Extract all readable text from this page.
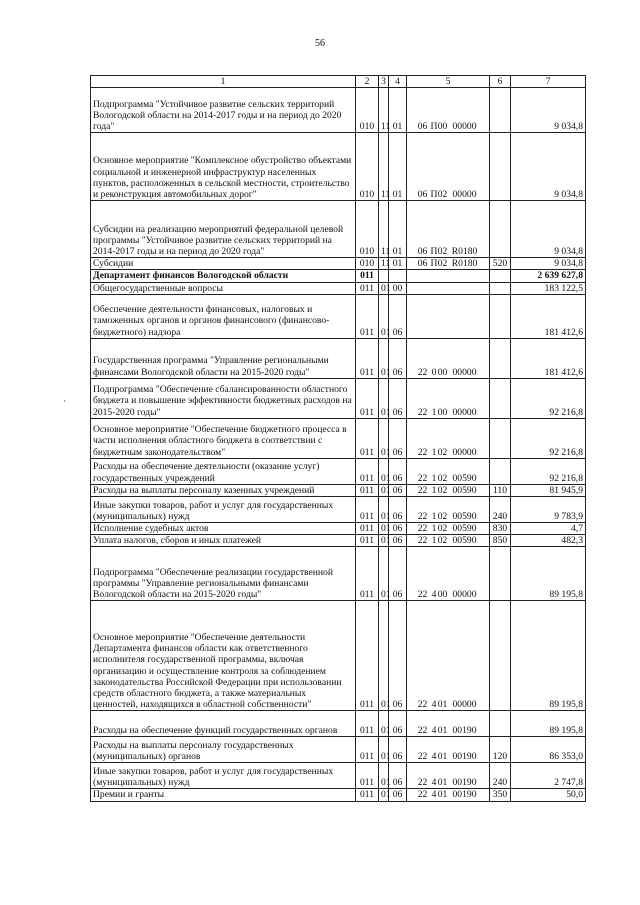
56
1	2	3	4	5	6	7
Подпрограмма "Устойчивое развитие сельских территорий Вологодской области на 2014-2017 годы и на период до 2020 года"	010	11	01	06 П00 00000		9 034,8
Основное мероприятие "Комплексное обустройство объектами социальной и инженерной инфраструктур населенных пунктов, расположенных в сельской местности, строительство и реконструкция автомобильных дорог"	010	11	01	06 П02 00000		9 034,8
Субсидии на реализацию мероприятий федеральной целевой программы "Устойчивое развитие сельских территорий на 2014-2017 годы и на период до 2020 года"	010	11	01	06 П02 R0180		9 034,8
Субсидии	010	11	01	06 П02 R0180	520	9 034,8
Департамент финансов Вологодской области	011					2 639 627,8
Общегосударственные вопросы	011	01	00			183 122,5
Обеспечение деятельности финансовых, налоговых и таможенных органов и органов финансового (финансово-бюджетного) надзора	011	01	06			181 412,6
Государственная программа "Управление региональными финансами Вологодской области на 2015-2020 годы"	011	01	06	22 000 00000		181 412,6
Подпрограмма "Обеспечение сбалансированности областного бюджета и повышение эффективности бюджетных расходов на 2015-2020 годы"	011	01	06	22 100 00000		92 216,8
Основное мероприятие "Обеспечение бюджетного процесса в части исполнения областного бюджета в соответствии с бюджетным законодательством"	011	01	06	22 102 00000		92 216,8
Расходы на обеспечение деятельности (оказание услуг) государственных учреждений	011	01	06	22 102 00590		92 216,8
Расходы на выплаты персоналу казенных учреждений	011	01	06	22 102 00590	110	81 945,9
Иные закупки товаров, работ и услуг для государственных (муниципальных) нужд	011	01	06	22 102 00590	240	9 783,9
Исполнение судебных актов	011	01	06	22 102 00590	830	4,7
Уплата налогов, сборов и иных платежей	011	01	06	22 102 00590	850	482,3
Подпрограмма "Обеспечение реализации государственной программы "Управление региональными финансами Вологодской области на 2015-2020 годы"	011	01	06	22 400 00000		89 195,8
Основное мероприятие "Обеспечение деятельности Департамента финансов области как ответственного исполнителя государственной программы, включая организацию и осуществление контроля за соблюдением законодательства Российской Федерации при использовании средств областного бюджета, а также материальных ценностей, находящихся в областной собственности"	011	01	06	22 401 00000		89 195,8
Расходы на обеспечение функций государственных органов	011	01	06	22 401 00190		89 195,8
Расходы на выплаты персоналу государственных (муниципальных) органов	011	01	06	22 401 00190	120	86 353,0
Иные закупки товаров, работ и услуг для государственных (муниципальных) нужд	011	01	06	22 401 00190	240	2 747,8
Премии и гранты	011	01	06	22 401 00190	350	50,0
